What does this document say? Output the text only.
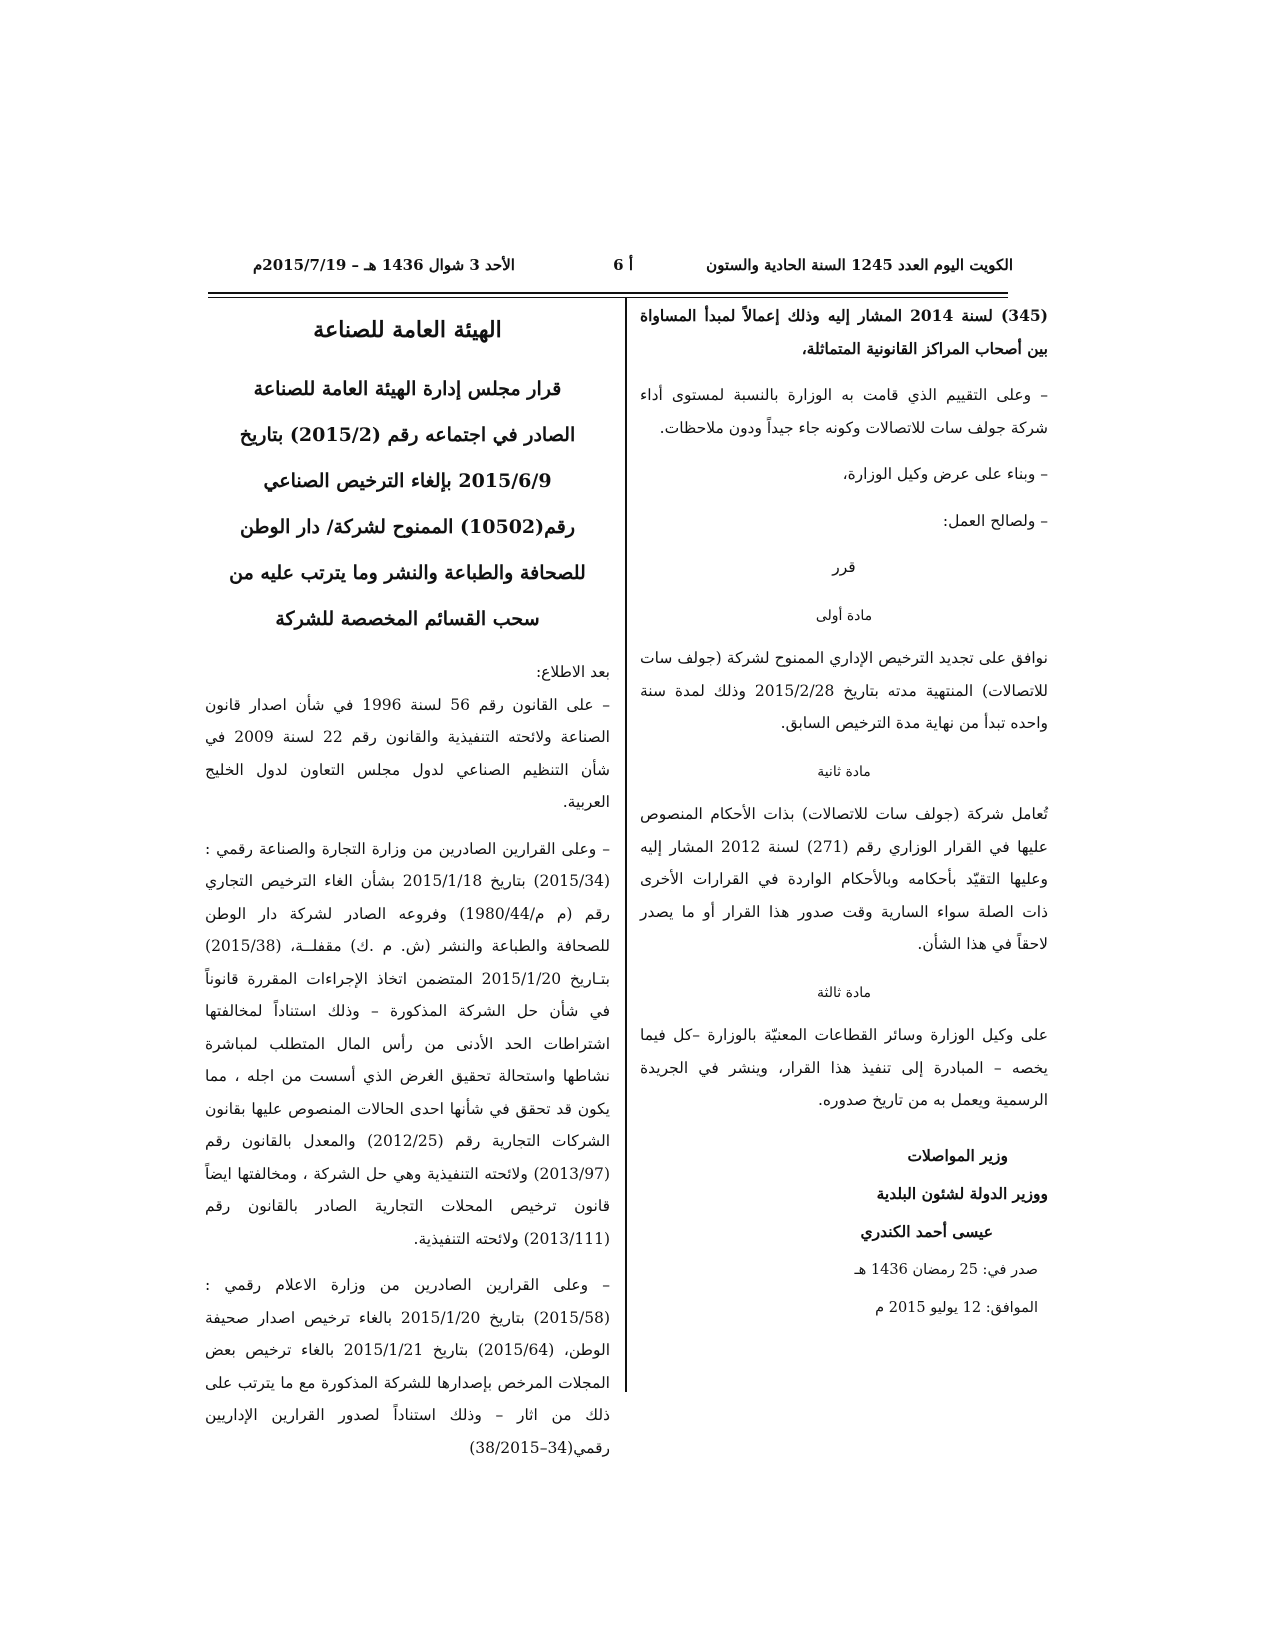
الكويت اليوم العدد 1245 السنة الحادية والستون
أ 6
الأحد 3 شوال 1436 هـ – 2015/7/19م

(345) لسنة 2014 المشار إليه وذلك إعمالاً لمبدأ المساواة بين أصحاب المراكز القانونية المتماثلة،

– وعلى التقييم الذي قامت به الوزارة بالنسبة لمستوى أداء شركة جولف سات للاتصالات وكونه جاء جيداً ودون ملاحظات.

– وبناء على عرض وكيل الوزارة،

– ولصالح العمل:

قرر

مادة أولى

نوافق على تجديد الترخيص الإداري الممنوح لشركة (جولف سات للاتصالات) المنتهية مدته بتاريخ 2015/2/28 وذلك لمدة سنة واحده تبدأ من نهاية مدة الترخيص السابق.

مادة ثانية

تُعامل شركة (جولف سات للاتصالات) بذات الأحكام المنصوص عليها في القرار الوزاري رقم (271) لسنة 2012 المشار إليه وعليها التقيّد بأحكامه وبالأحكام الواردة في القرارات الأخرى ذات الصلة سواء السارية وقت صدور هذا القرار أو ما يصدر لاحقاً في هذا الشأن.

مادة ثالثة

على وكيل الوزارة وسائر القطاعات المعنيّة بالوزارة –كل فيما يخصه – المبادرة إلى تنفيذ هذا القرار، وينشر في الجريدة الرسمية ويعمل به من تاريخ صدوره.

وزير المواصلات

ووزير الدولة لشئون البلدية

عيسى أحمد الكندري

صدر في: 25 رمضان 1436 هـ

الموافق: 12 يوليو 2015 م

الهيئة العامة للصناعة

قرار مجلس إدارة الهيئة العامة للصناعة

الصادر في اجتماعه رقم (2015/2) بتاريخ 2015/6/9 بإلغاء الترخيص الصناعي رقم(10502) الممنوح لشركة/ دار الوطن للصحافة والطباعة والنشر وما يترتب عليه من سحب القسائم المخصصة للشركة

بعد الاطلاع:

– على القانون رقم 56 لسنة 1996 في شأن اصدار قانون الصناعة ولائحته التنفيذية والقانون رقم 22 لسنة 2009 في شأن التنظيم الصناعي لدول مجلس التعاون لدول الخليج العربية.

– وعلى القرارين الصادرين من وزارة التجارة والصناعة رقمي : (2015/34) بتاريخ 2015/1/18 بشأن الغاء الترخيص التجاري رقم (م م/1980/44) وفروعه الصادر لشركة دار الوطن للصحافة والطباعة والنشر (ش. م .ك) مقفلــة، (2015/38) بتـاريخ 2015/1/20 المتضمن اتخاذ الإجراءات المقررة قانوناً في شأن حل الشركة المذكورة – وذلك استناداً لمخالفتها اشتراطات الحد الأدنى من رأس المال المتطلب لمباشرة نشاطها واستحالة تحقيق الغرض الذي أسست من اجله ، مما يكون قد تحقق في شأنها احدى الحالات المنصوص عليها بقانون الشركات التجارية رقم (2012/25) والمعدل بالقانون رقم (2013/97) ولائحته التنفيذية وهي حل الشركة ، ومخالفتها ايضاً قانون ترخيص المحلات التجارية الصادر بالقانون رقم (2013/111) ولائحته التنفيذية.

– وعلى القرارين الصادرين من وزارة الاعلام رقمي : (2015/58) بتاريخ 2015/1/20 بالغاء ترخيص اصدار صحيفة الوطن، (2015/64) بتاريخ 2015/1/21 بالغاء ترخيص بعض المجلات المرخص بإصدارها للشركة المذكورة مع ما يترتب على ذلك من اثار – وذلك استناداً لصدور القرارين الإداريين رقمي(34–38/2015)
